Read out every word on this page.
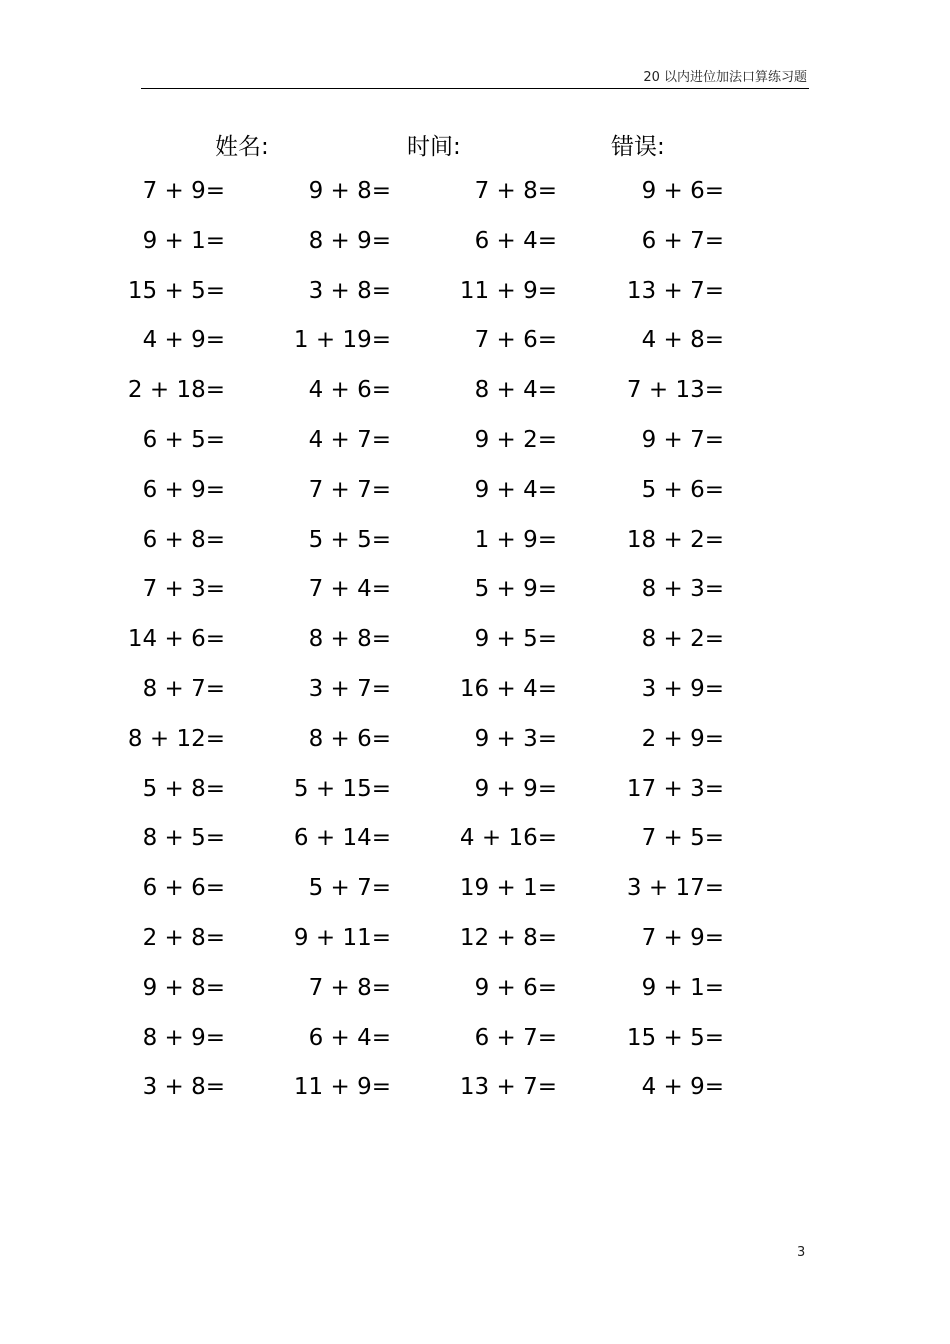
20 以内进位加法口算练习题
姓名:	时间:	错误:
7 + 9=	9 + 8=	7 + 8=	9 + 6=
9 + 1=	8 + 9=	6 + 4=	6 + 7=
15 + 5=	3 + 8=	11 + 9=	13 + 7=
4 + 9=	1 + 19=	7 + 6=	4 + 8=
2 + 18=	4 + 6=	8 + 4=	7 + 13=
6 + 5=	4 + 7=	9 + 2=	9 + 7=
6 + 9=	7 + 7=	9 + 4=	5 + 6=
6 + 8=	5 + 5=	1 + 9=	18 + 2=
7 + 3=	7 + 4=	5 + 9=	8 + 3=
14 + 6=	8 + 8=	9 + 5=	8 + 2=
8 + 7=	3 + 7=	16 + 4=	3 + 9=
8 + 12=	8 + 6=	9 + 3=	2 + 9=
5 + 8=	5 + 15=	9 + 9=	17 + 3=
8 + 5=	6 + 14=	4 + 16=	7 + 5=
6 + 6=	5 + 7=	19 + 1=	3 + 17=
2 + 8=	9 + 11=	12 + 8=	7 + 9=
9 + 8=	7 + 8=	9 + 6=	9 + 1=
8 + 9=	6 + 4=	6 + 7=	15 + 5=
3 + 8=	11 + 9=	13 + 7=	4 + 9=
3
